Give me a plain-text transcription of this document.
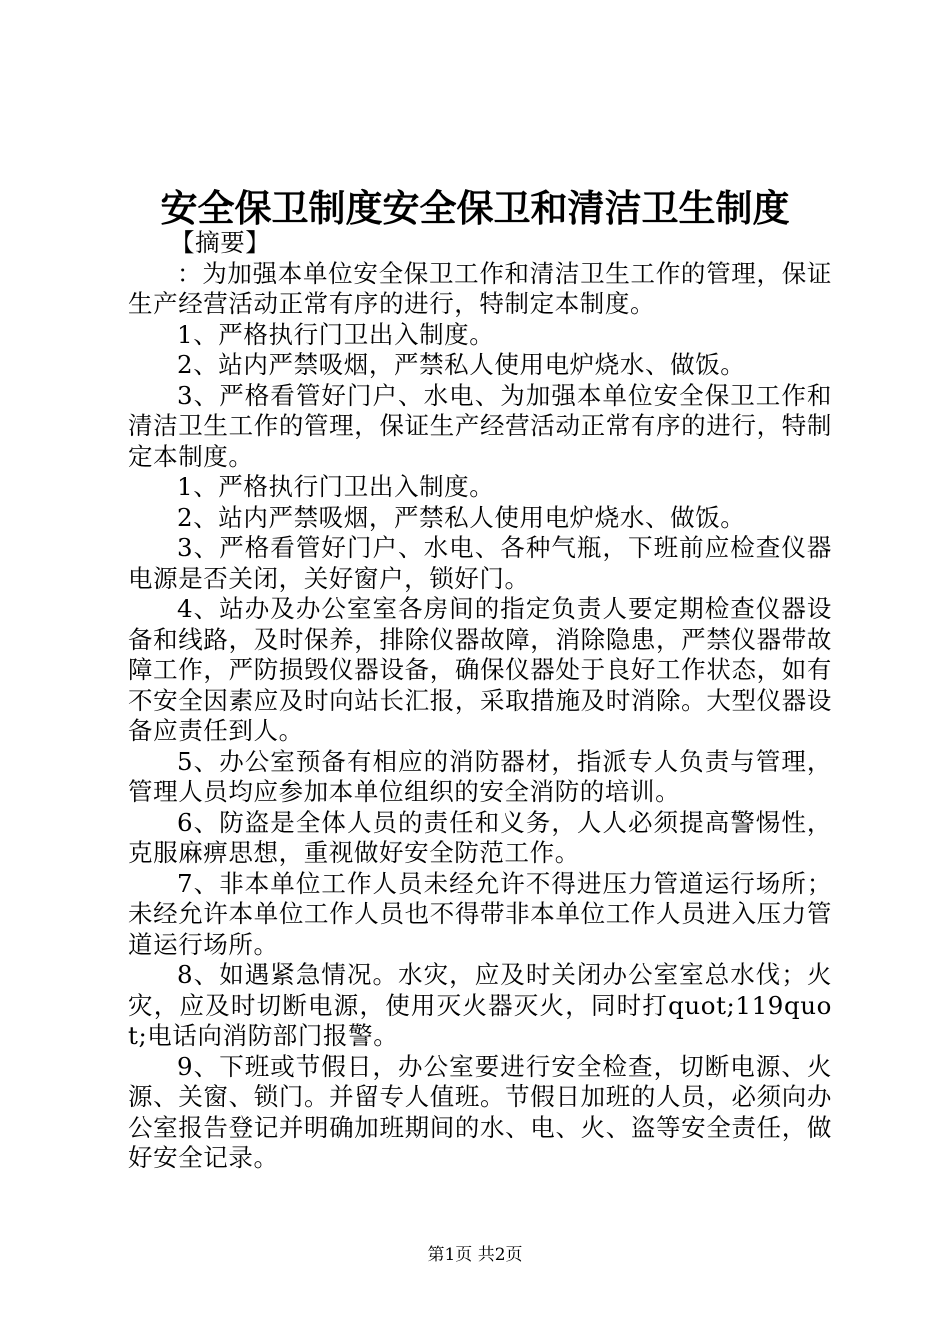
安全保卫制度安全保卫和清洁卫生制度

【摘要】

：为加强本单位安全保卫工作和清洁卫生工作的管理，保证生产经营活动正常有序的进行，特制定本制度。

1、严格执行门卫出入制度。

2、站内严禁吸烟，严禁私人使用电炉烧水、做饭。

3、严格看管好门户、水电、为加强本单位安全保卫工作和清洁卫生工作的管理，保证生产经营活动正常有序的进行，特制定本制度。

1、严格执行门卫出入制度。

2、站内严禁吸烟，严禁私人使用电炉烧水、做饭。

3、严格看管好门户、水电、各种气瓶，下班前应检查仪器电源是否关闭，关好窗户，锁好门。

4、站办及办公室室各房间的指定负责人要定期检查仪器设备和线路，及时保养，排除仪器故障，消除隐患，严禁仪器带故障工作，严防损毁仪器设备，确保仪器处于良好工作状态，如有不安全因素应及时向站长汇报，采取措施及时消除。大型仪器设备应责任到人。

5、办公室预备有相应的消防器材，指派专人负责与管理，管理人员均应参加本单位组织的安全消防的培训。

6、防盗是全体人员的责任和义务，人人必须提高警惕性，克服麻痹思想，重视做好安全防范工作。

7、非本单位工作人员未经允许不得进压力管道运行场所；未经允许本单位工作人员也不得带非本单位工作人员进入压力管道运行场所。

8、如遇紧急情况。水灾，应及时关闭办公室室总水伐；火灾，应及时切断电源，使用灭火器灭火，同时打quot;119quot;电话向消防部门报警。

9、下班或节假日，办公室要进行安全检查，切断电源、火源、关窗、锁门。并留专人值班。节假日加班的人员，必须向办公室报告登记并明确加班期间的水、电、火、盗等安全责任，做好安全记录。

第1页 共2页
